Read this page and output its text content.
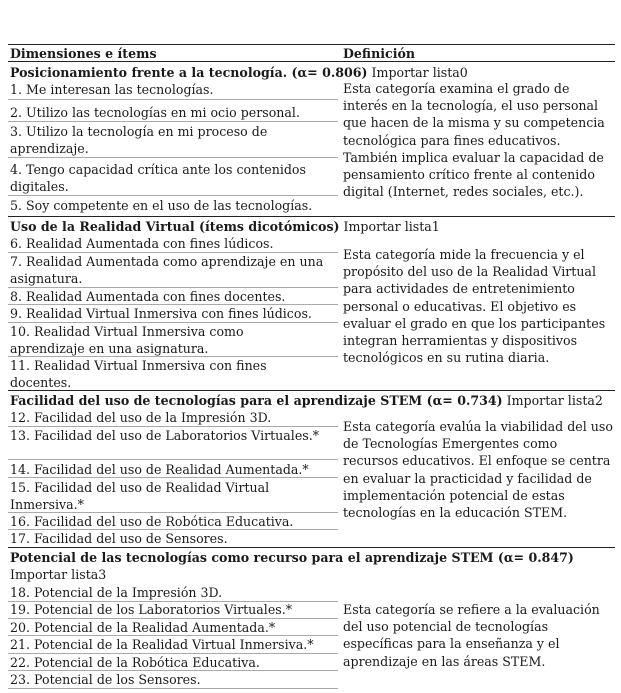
Dimensiones e ítems	Definición
Posicionamiento frente a la tecnología. (α= 0.806) Importar lista0
1. Me interesan las tecnologías.
2. Utilizo las tecnologías en mi ocio personal.
3. Utilizo la tecnología en mi proceso de aprendizaje.
4. Tengo capacidad crítica ante los contenidos digitales.
5. Soy competente en el uso de las tecnologías.
Esta categoría examina el grado de interés en la tecnología, el uso personal que hacen de la misma y su competencia tecnológica para fines educativos. También implica evaluar la capacidad de pensamiento crítico frente al contenido digital (Internet, redes sociales, etc.).
Uso de la Realidad Virtual (ítems dicotómicos) Importar lista1
6. Realidad Aumentada con fines lúdicos.
7. Realidad Aumentada como aprendizaje en una asignatura.
8. Realidad Aumentada con fines docentes.
9. Realidad Virtual Inmersiva con fines lúdicos.
10. Realidad Virtual Inmersiva como aprendizaje en una asignatura.
11. Realidad Virtual Inmersiva con fines docentes.
Esta categoría mide la frecuencia y el propósito del uso de la Realidad Virtual para actividades de entretenimiento personal o educativas. El objetivo es evaluar el grado en que los participantes integran herramientas y dispositivos tecnológicos en su rutina diaria.
Facilidad del uso de tecnologías para el aprendizaje STEM (α= 0.734) Importar lista2
12. Facilidad del uso de la Impresión 3D.
13. Facilidad del uso de Laboratorios Virtuales.*
14. Facilidad del uso de Realidad Aumentada.*
15. Facilidad del uso de Realidad Virtual Inmersiva.*
16. Facilidad del uso de Robótica Educativa.
17. Facilidad del uso de Sensores.
Esta categoría evalúa la viabilidad del uso de Tecnologías Emergentes como recursos educativos. El enfoque se centra en evaluar la practicidad y facilidad de implementación potencial de estas tecnologías en la educación STEM.
Potencial de las tecnologías como recurso para el aprendizaje STEM (α= 0.847)
Importar lista3
18. Potencial de la Impresión 3D.
19. Potencial de los Laboratorios Virtuales.*
20. Potencial de la Realidad Aumentada.*
21. Potencial de la Realidad Virtual Inmersiva.*
22. Potencial de la Robótica Educativa.
23. Potencial de los Sensores.
Esta categoría se refiere a la evaluación del uso potencial de tecnologías específicas para la enseñanza y el aprendizaje en las áreas STEM.
